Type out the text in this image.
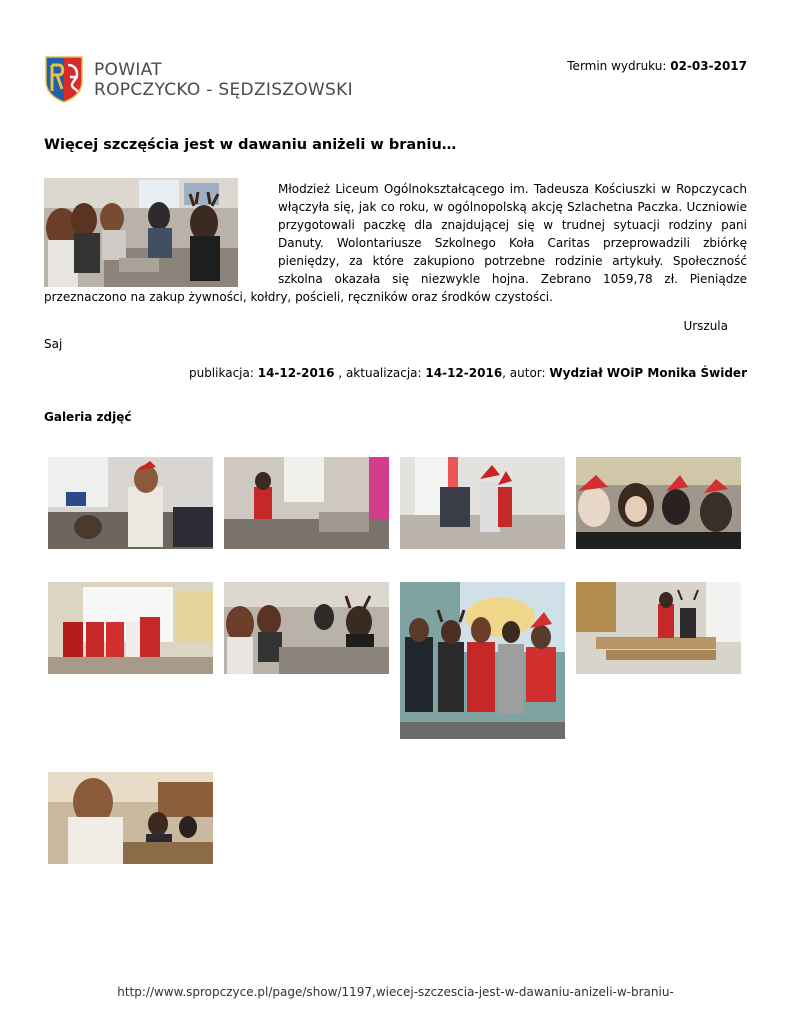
POWIAT
ROPCZYCKO - SĘDZISZOWSKI
Termin wydruku: 02-03-2017
Więcej szczęścia jest w dawaniu aniżeli w braniu…
Młodzież Liceum Ogólnokształcącego im. Tadeusza Kościuszki w Ropczycach włączyła się, jak co roku, w ogólnopolską akcję Szlachetna Paczka. Uczniowie przygotowali paczkę dla znajdującej się w trudnej sytuacji rodziny pani Danuty. Wolontariusze Szkolnego Koła Caritas przeprowadzili zbiórkę pieniędzy, za które zakupiono potrzebne rodzinie artykuły. Społeczność szkolna okazała się niezwykle hojna. Zebrano 1059,78 zł. Pieniądze przeznaczono na zakup żywności, kołdry, pościeli, ręczników oraz środków czystości.
Urszula
Saj
publikacja: 14-12-2016 , aktualizacja: 14-12-2016, autor: Wydział WOiP Monika Świder
Galeria zdjęć
http://www.spropczyce.pl/page/show/1197,wiecej-szczescia-jest-w-dawaniu-anizeli-w-braniu-
